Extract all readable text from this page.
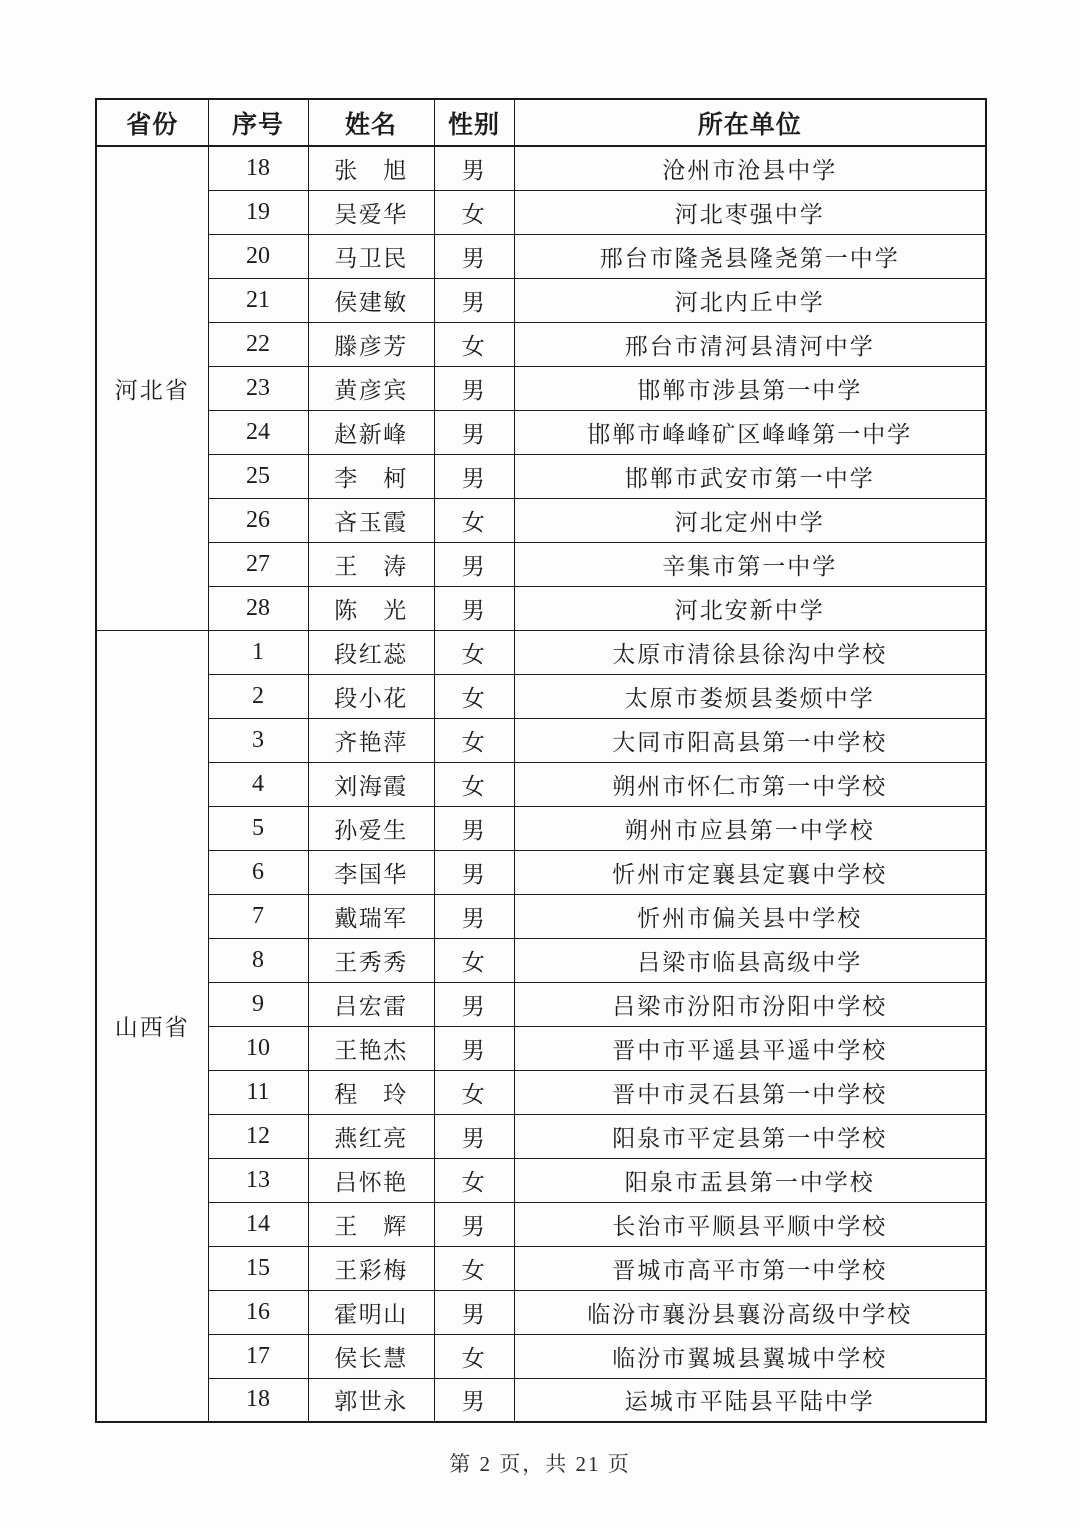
省份	序号	姓名	性别	所在单位
河北省	18	张　旭	男	沧州市沧县中学
	19	吴爱华	女	河北枣强中学
	20	马卫民	男	邢台市隆尧县隆尧第一中学
	21	侯建敏	男	河北内丘中学
	22	滕彦芳	女	邢台市清河县清河中学
	23	黄彦宾	男	邯郸市涉县第一中学
	24	赵新峰	男	邯郸市峰峰矿区峰峰第一中学
	25	李　柯	男	邯郸市武安市第一中学
	26	吝玉霞	女	河北定州中学
	27	王　涛	男	辛集市第一中学
	28	陈　光	男	河北安新中学
山西省	1	段红蕊	女	太原市清徐县徐沟中学校
	2	段小花	女	太原市娄烦县娄烦中学
	3	齐艳萍	女	大同市阳高县第一中学校
	4	刘海霞	女	朔州市怀仁市第一中学校
	5	孙爱生	男	朔州市应县第一中学校
	6	李国华	男	忻州市定襄县定襄中学校
	7	戴瑞军	男	忻州市偏关县中学校
	8	王秀秀	女	吕梁市临县高级中学
	9	吕宏雷	男	吕梁市汾阳市汾阳中学校
	10	王艳杰	男	晋中市平遥县平遥中学校
	11	程　玲	女	晋中市灵石县第一中学校
	12	燕红亮	男	阳泉市平定县第一中学校
	13	吕怀艳	女	阳泉市盂县第一中学校
	14	王　辉	男	长治市平顺县平顺中学校
	15	王彩梅	女	晋城市高平市第一中学校
	16	霍明山	男	临汾市襄汾县襄汾高级中学校
	17	侯长慧	女	临汾市翼城县翼城中学校
	18	郭世永	男	运城市平陆县平陆中学
第 2 页，共 21 页
